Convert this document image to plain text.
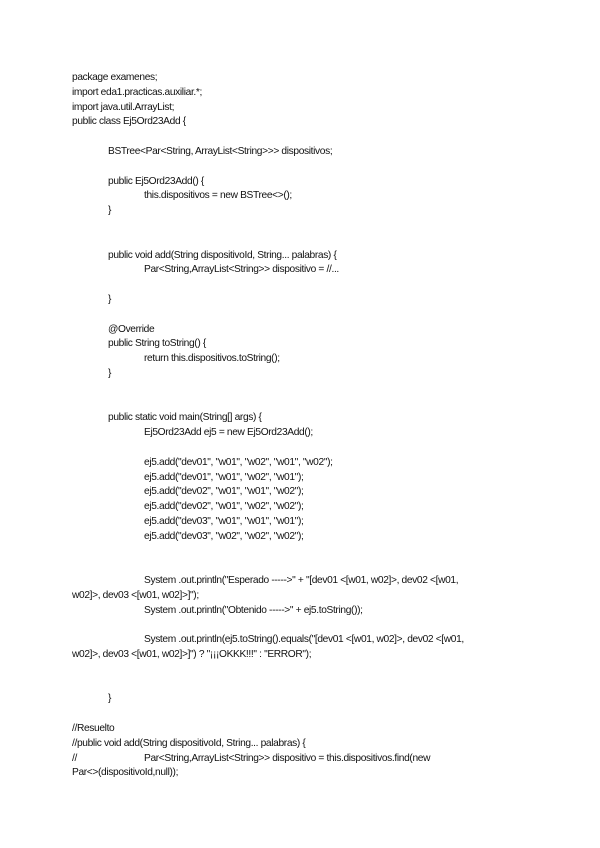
package examenes;
import eda1.practicas.auxiliar.*;
import java.util.ArrayList;
public class Ej5Ord23Add {
BSTree<Par<String, ArrayList<String>>> dispositivos;
public Ej5Ord23Add() {
this.dispositivos = new BSTree<>();
}
public void add(String dispositivoId, String... palabras) {
Par<String,ArrayList<String>> dispositivo = //...
}
@Override
public String toString() {
return this.dispositivos.toString();
}
public static void main(String[] args) {
Ej5Ord23Add ej5 = new Ej5Ord23Add();
ej5.add("dev01", "w01", "w02", "w01", "w02");
ej5.add("dev01", "w01", "w02", "w01");
ej5.add("dev02", "w01", "w01", "w02");
ej5.add("dev02", "w01", "w02", "w02");
ej5.add("dev03", "w01", "w01", "w01");
ej5.add("dev03", "w02", "w02", "w02");
System .out.println("Esperado ----->" + "[dev01 <[w01, w02]>, dev02 <[w01,
w02]>, dev03 <[w01, w02]>]");
System .out.println("Obtenido ----->" + ej5.toString());
System .out.println(ej5.toString().equals("[dev01 <[w01, w02]>, dev02 <[w01,
w02]>, dev03 <[w01, w02]>]") ? "¡¡¡OKKK!!!" : "ERROR");
}
//Resuelto
//public void add(String dispositivoId, String... palabras) {
//	Par<String,ArrayList<String>> dispositivo = this.dispositivos.find(new
Par<>(dispositivoId,null));
